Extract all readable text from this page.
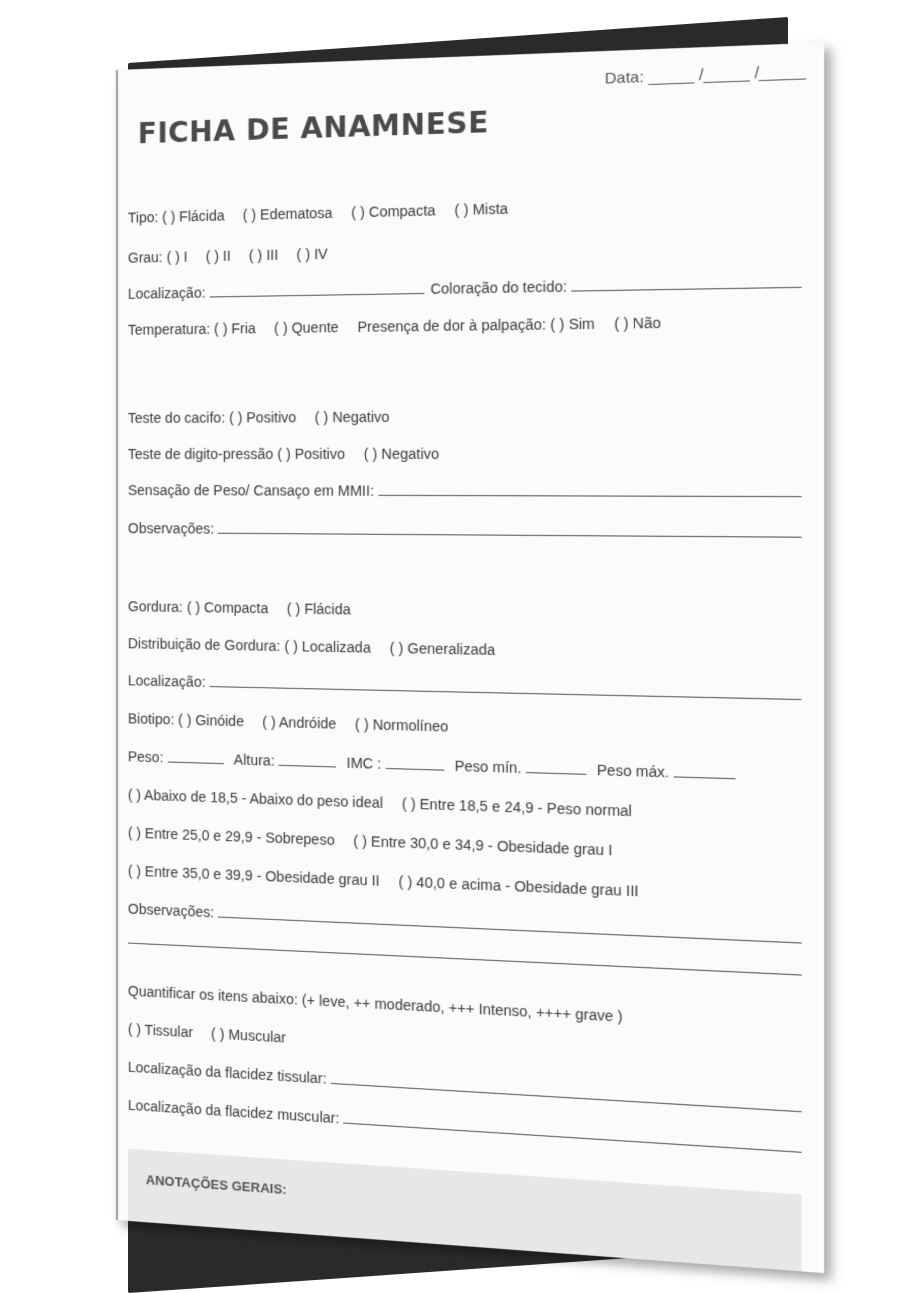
Data: _____ /_____ /_____
FICHA DE ANAMNESE
Tipo: ( ) Flácida ( ) Edematosa ( ) Compacta ( ) Mista
Grau: ( ) I ( ) II ( ) III ( ) IV
Localização:	Coloração do tecido:
Temperatura: ( ) Fria ( ) Quente Presença de dor à palpação: ( ) Sim ( ) Não
Teste do cacifo: ( ) Positivo ( ) Negativo
Teste de digito-pressão ( ) Positivo ( ) Negativo
Sensação de Peso/ Cansaço em MMII:
Observações:
Gordura: ( ) Compacta ( ) Flácida
Distribuição de Gordura: ( ) Localizada ( ) Generalizada
Localização:
Biotipo: ( ) Ginóide ( ) Andróide ( ) Normolíneo
Peso:	Altura:	IMC :	Peso mín.	Peso máx.
( ) Abaixo de 18,5 - Abaixo do peso ideal ( ) Entre 18,5 e 24,9 - Peso normal
( ) Entre 25,0 e 29,9 - Sobrepeso ( ) Entre 30,0 e 34,9 - Obesidade grau I
( ) Entre 35,0 e 39,9 - Obesidade grau II ( ) 40,0 e acima - Obesidade grau III
Observações:
Quantificar os itens abaixo: (+ leve, ++ moderado, +++ Intenso, ++++ grave )
( ) Tissular ( ) Muscular
Localização da flacidez tissular:
Localização da flacidez muscular:
ANOTAÇÕES GERAIS:
